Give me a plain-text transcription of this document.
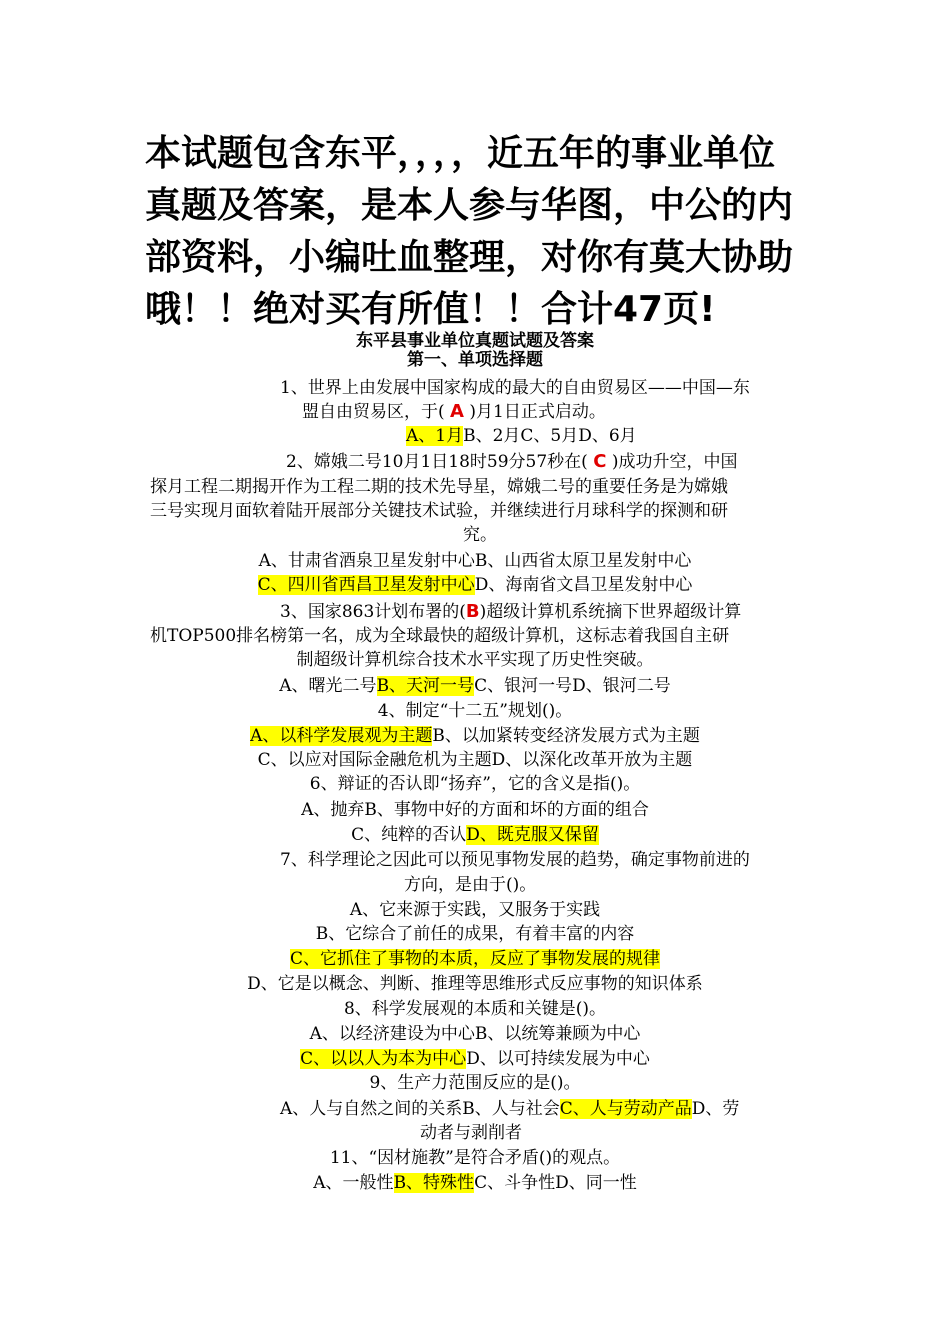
本试题包含东平，，，，近五年的事业单位真题及答案，是本人参与华图，中公的内部资料，小编吐血整理，对你有莫大协助哦！！绝对买有所值！！合计47页!
东平县事业单位真题试题及答案
第一、单项选择题
1、世界上由发展中国家构成的最大的自由贸易区——中国—东
盟自由贸易区，于( A )月1日正式启动。
A、1月B、2月C、5月D、6月
2、嫦娥二号10月1日18时59分57秒在( C )成功升空，中国
探月工程二期揭开作为工程二期的技术先导星，嫦娥二号的重要任务是为嫦娥
三号实现月面软着陆开展部分关键技术试验，并继续进行月球科学的探测和研
究。
A、甘肃省酒泉卫星发射中心B、山西省太原卫星发射中心
C、四川省西昌卫星发射中心D、海南省文昌卫星发射中心
3、国家863计划布署的(B)超级计算机系统摘下世界超级计算
机TOP500排名榜第一名，成为全球最快的超级计算机，这标志着我国自主研
制超级计算机综合技术水平实现了历史性突破。
A、曙光二号B、天河一号C、银河一号D、银河二号
4、制定“十二五”规划()。
A、以科学发展观为主题B、以加紧转变经济发展方式为主题
C、以应对国际金融危机为主题D、以深化改革开放为主题
6、辩证的否认即“扬弃”，它的含义是指()。
A、抛弃B、事物中好的方面和坏的方面的组合
C、纯粹的否认D、既克服又保留
7、科学理论之因此可以预见事物发展的趋势，确定事物前进的
方向，是由于()。
A、它来源于实践，又服务于实践
B、它综合了前任的成果，有着丰富的内容
C、它抓住了事物的本质，反应了事物发展的规律
D、它是以概念、判断、推理等思维形式反应事物的知识体系
8、科学发展观的本质和关键是()。
A、以经济建设为中心B、以统筹兼顾为中心
C、以以人为本为中心D、以可持续发展为中心
9、生产力范围反应的是()。
A、人与自然之间的关系B、人与社会C、人与劳动产品D、劳
动者与剥削者
11、“因材施教”是符合矛盾()的观点。
A、一般性B、特殊性C、斗争性D、同一性
